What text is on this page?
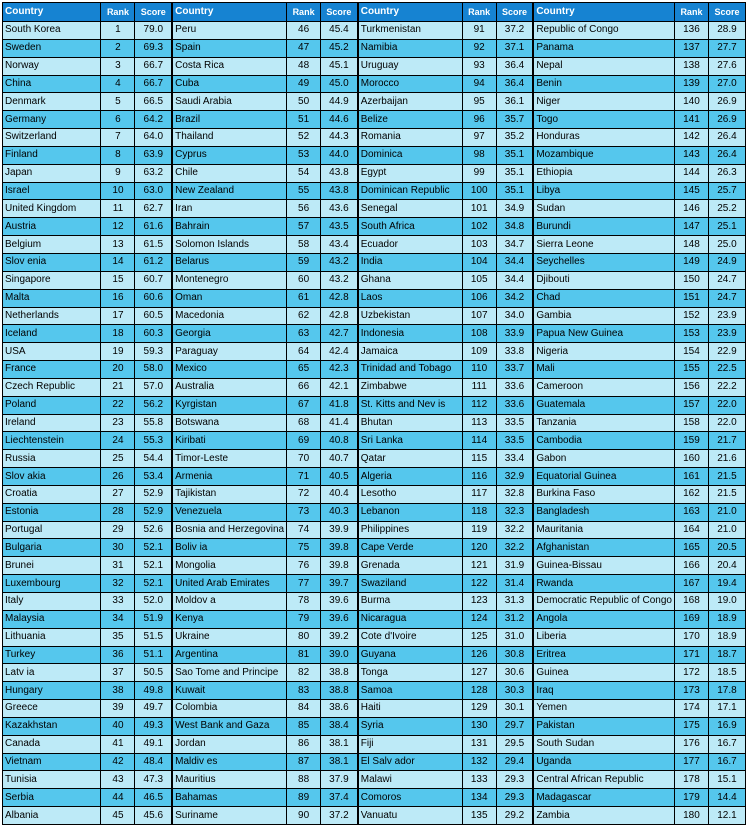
Country	Rank	Score	Country	Rank	Score	Country	Rank	Score	Country	Rank	Score
South Korea	1	79.0	Peru	46	45.4	Turkmenistan	91	37.2	Republic of Congo	136	28.9
Sweden	2	69.3	Spain	47	45.2	Namibia	92	37.1	Panama	137	27.7
Norway	3	66.7	Costa Rica	48	45.1	Uruguay	93	36.4	Nepal	138	27.6
China	4	66.7	Cuba	49	45.0	Morocco	94	36.4	Benin	139	27.0
Denmark	5	66.5	Saudi Arabia	50	44.9	Azerbaijan	95	36.1	Niger	140	26.9
Germany	6	64.2	Brazil	51	44.6	Belize	96	35.7	Togo	141	26.9
Switzerland	7	64.0	Thailand	52	44.3	Romania	97	35.2	Honduras	142	26.4
Finland	8	63.9	Cyprus	53	44.0	Dominica	98	35.1	Mozambique	143	26.4
Japan	9	63.2	Chile	54	43.8	Egypt	99	35.1	Ethiopia	144	26.3
Israel	10	63.0	New Zealand	55	43.8	Dominican Republic	100	35.1	Libya	145	25.7
United Kingdom	11	62.7	Iran	56	43.6	Senegal	101	34.9	Sudan	146	25.2
Austria	12	61.6	Bahrain	57	43.5	South Africa	102	34.8	Burundi	147	25.1
Belgium	13	61.5	Solomon Islands	58	43.4	Ecuador	103	34.7	Sierra Leone	148	25.0
Slov enia	14	61.2	Belarus	59	43.2	India	104	34.4	Seychelles	149	24.9
Singapore	15	60.7	Montenegro	60	43.2	Ghana	105	34.4	Djibouti	150	24.7
Malta	16	60.6	Oman	61	42.8	Laos	106	34.2	Chad	151	24.7
Netherlands	17	60.5	Macedonia	62	42.8	Uzbekistan	107	34.0	Gambia	152	23.9
Iceland	18	60.3	Georgia	63	42.7	Indonesia	108	33.9	Papua New Guinea	153	23.9
USA	19	59.3	Paraguay	64	42.4	Jamaica	109	33.8	Nigeria	154	22.9
France	20	58.0	Mexico	65	42.3	Trinidad and Tobago	110	33.7	Mali	155	22.5
Czech Republic	21	57.0	Australia	66	42.1	Zimbabwe	111	33.6	Cameroon	156	22.2
Poland	22	56.2	Kyrgistan	67	41.8	St. Kitts and Nev is	112	33.6	Guatemala	157	22.0
Ireland	23	55.8	Botswana	68	41.4	Bhutan	113	33.5	Tanzania	158	22.0
Liechtenstein	24	55.3	Kiribati	69	40.8	Sri Lanka	114	33.5	Cambodia	159	21.7
Russia	25	54.4	Timor-Leste	70	40.7	Qatar	115	33.4	Gabon	160	21.6
Slov akia	26	53.4	Armenia	71	40.5	Algeria	116	32.9	Equatorial Guinea	161	21.5
Croatia	27	52.9	Tajikistan	72	40.4	Lesotho	117	32.8	Burkina Faso	162	21.5
Estonia	28	52.9	Venezuela	73	40.3	Lebanon	118	32.3	Bangladesh	163	21.0
Portugal	29	52.6	Bosnia and Herzegovina	74	39.9	Philippines	119	32.2	Mauritania	164	21.0
Bulgaria	30	52.1	Boliv ia	75	39.8	Cape Verde	120	32.2	Afghanistan	165	20.5
Brunei	31	52.1	Mongolia	76	39.8	Grenada	121	31.9	Guinea-Bissau	166	20.4
Luxembourg	32	52.1	United Arab Emirates	77	39.7	Swaziland	122	31.4	Rwanda	167	19.4
Italy	33	52.0	Moldov a	78	39.6	Burma	123	31.3	Democratic Republic of Congo	168	19.0
Malaysia	34	51.9	Kenya	79	39.6	Nicaragua	124	31.2	Angola	169	18.9
Lithuania	35	51.5	Ukraine	80	39.2	Cote d'Ivoire	125	31.0	Liberia	170	18.9
Turkey	36	51.1	Argentina	81	39.0	Guyana	126	30.8	Eritrea	171	18.7
Latv ia	37	50.5	Sao Tome and Principe	82	38.8	Tonga	127	30.6	Guinea	172	18.5
Hungary	38	49.8	Kuwait	83	38.8	Samoa	128	30.3	Iraq	173	17.8
Greece	39	49.7	Colombia	84	38.6	Haiti	129	30.1	Yemen	174	17.1
Kazakhstan	40	49.3	West Bank and Gaza	85	38.4	Syria	130	29.7	Pakistan	175	16.9
Canada	41	49.1	Jordan	86	38.1	Fiji	131	29.5	South Sudan	176	16.7
Vietnam	42	48.4	Maldiv es	87	38.1	El Salv ador	132	29.4	Uganda	177	16.7
Tunisia	43	47.3	Mauritius	88	37.9	Malawi	133	29.3	Central African Republic	178	15.1
Serbia	44	46.5	Bahamas	89	37.4	Comoros	134	29.3	Madagascar	179	14.4
Albania	45	45.6	Suriname	90	37.2	Vanuatu	135	29.2	Zambia	180	12.1
